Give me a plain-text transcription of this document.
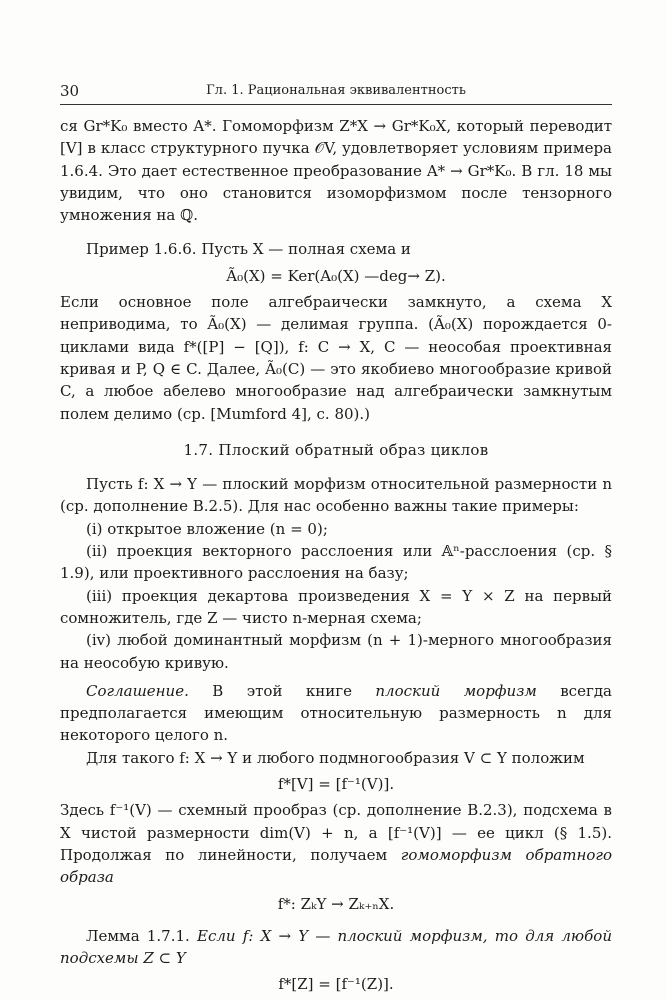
30	Гл. 1. Рациональная эквивалентность

ся Gr*K₀ вместо A*. Гомоморфизм Z*X → Gr*K₀X, который переводит [V] в класс структурного пучка 𝒪V, удовлетворяет условиям примера 1.6.4. Это дает естественное преобразование A* → Gr*K₀. В гл. 18 мы увидим, что оно становится изоморфизмом после тензорного умножения на ℚ.

Пример 1.6.6. Пусть X — полная схема и

Ã₀(X) = Ker(A₀(X) —deg→ Z).

Если основное поле алгебраически замкнуто, а схема X неприводима, то Ã₀(X) — делимая группа. (Ã₀(X) порождается 0-циклами вида f*([P] − [Q]), f: C → X, C — неособая проективная кривая и P, Q ∈ C. Далее, Ã₀(C) — это якобиево многообразие кривой C, а любое абелево многообразие над алгебраически замкнутым полем делимо (ср. [Mumford 4], с. 80).)

1.7. Плоский обратный образ циклов

Пусть f: X → Y — плоский морфизм относительной размерности n (ср. дополнение B.2.5). Для нас особенно важны такие примеры:

(i) открытое вложение (n = 0);

(ii) проекция векторного расслоения или 𝔸ⁿ-расслоения (ср. § 1.9), или проективного расслоения на базу;

(iii) проекция декартова произведения X = Y × Z на первый сомножитель, где Z — чисто n-мерная схема;

(iv) любой доминантный морфизм (n + 1)-мерного многообразия на неособую кривую.

Соглашение. В этой книге плоский морфизм всегда предполагается имеющим относительную размерность n для некоторого целого n.

Для такого f: X → Y и любого подмногообразия V ⊂ Y положим

f*[V] = [f⁻¹(V)].

Здесь f⁻¹(V) — схемный прообраз (ср. дополнение B.2.3), подсхема в X чистой размерности dim(V) + n, а [f⁻¹(V)] — ее цикл (§ 1.5). Продолжая по линейности, получаем гомоморфизм обратного образа

f*: ZₖY → Zₖ₊ₙX.

Лемма 1.7.1. Если f: X → Y — плоский морфизм, то для любой подсхемы Z ⊂ Y

f*[Z] = [f⁻¹(Z)].
